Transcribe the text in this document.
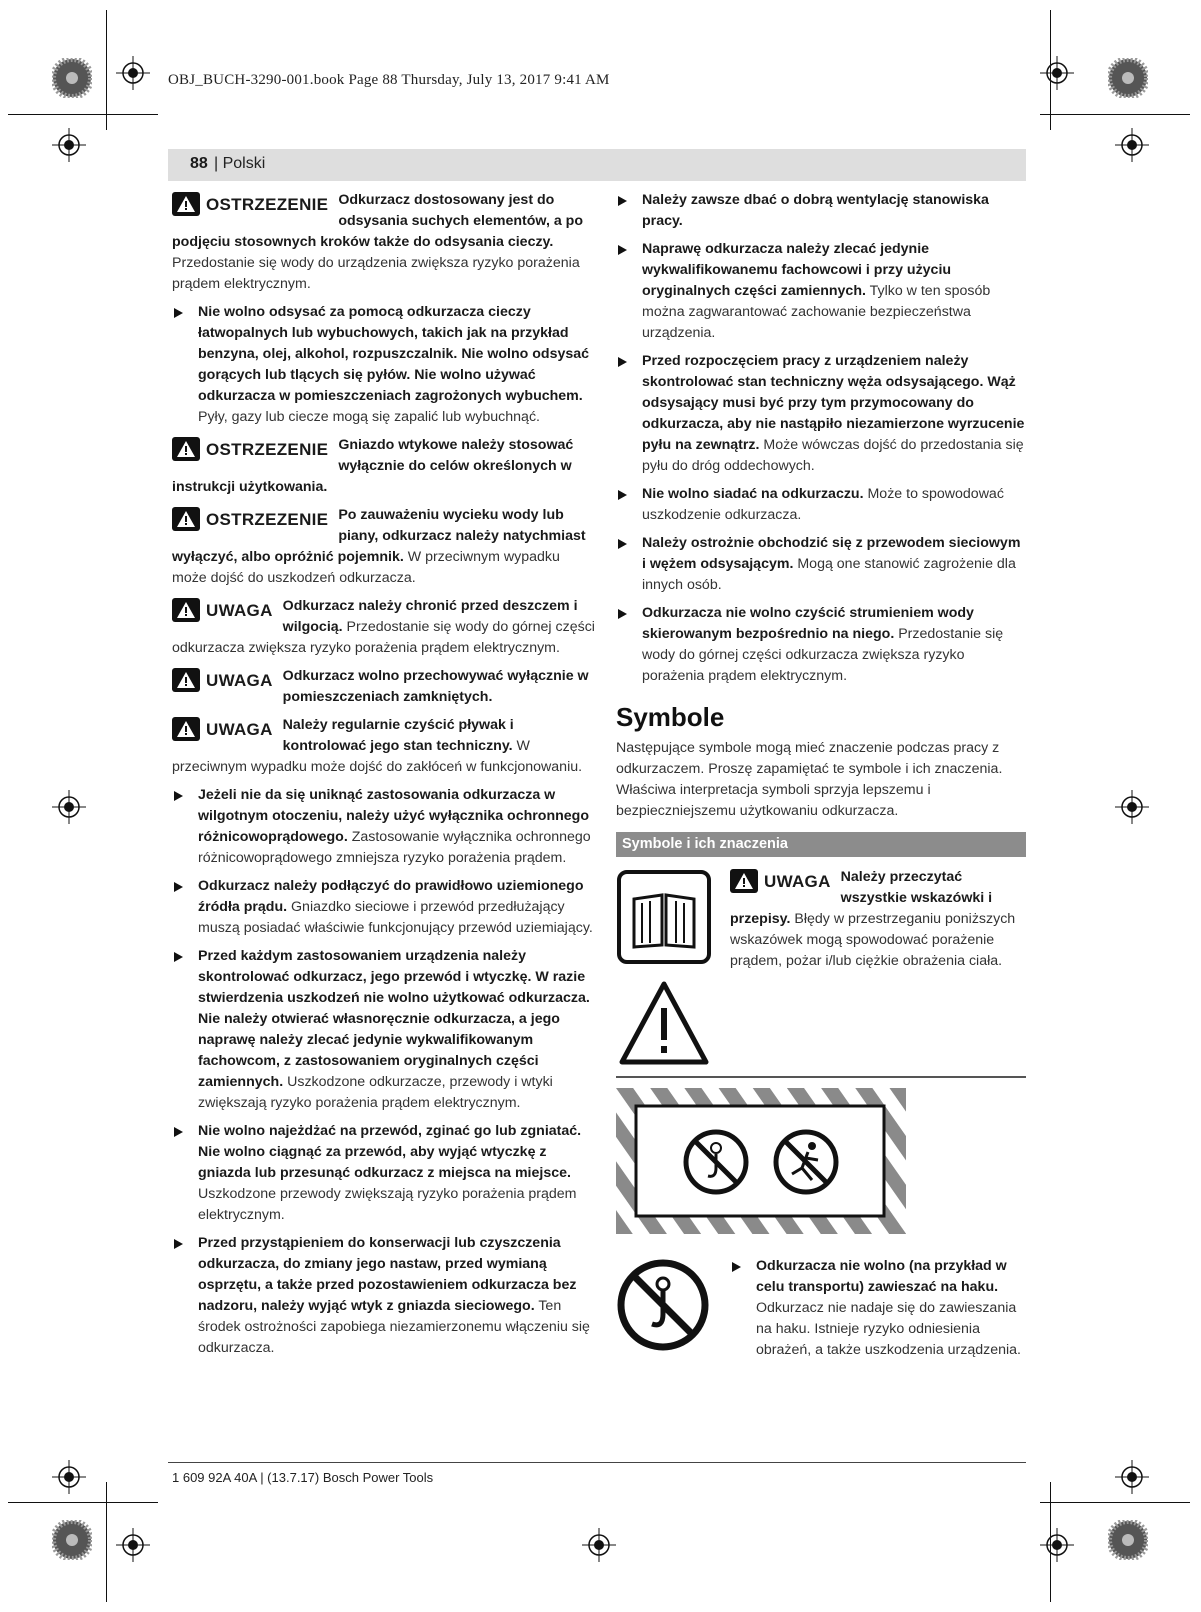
OBJ_BUCH-3290-001.book Page 88 Thursday, July 13, 2017 9:41 AM
88 | Polski
OSTRZEZENIE Odkurzacz dostosowany jest do odsysania suchych elementów, a po podjęciu stosownych kroków także do odsysania cieczy. Przedostanie się wody do urządzenia zwiększa ryzyko porażenia prądem elektrycznym.
Nie wolno odsysać za pomocą odkurzacza cieczy łatwopalnych lub wybuchowych, takich jak na przykład benzyna, olej, alkohol, rozpuszczalnik. Nie wolno odsysać gorących lub tlących się pyłów. Nie wolno używać odkurzacza w pomieszczeniach zagrożonych wybuchem. Pyły, gazy lub ciecze mogą się zapalić lub wybuchnąć.
OSTRZEZENIE Gniazdo wtykowe należy stosować wyłącznie do celów określonych w instrukcji użytkowania.
OSTRZEZENIE Po zauważeniu wycieku wody lub piany, odkurzacz należy natychmiast wyłączyć, albo opróżnić pojemnik. W przeciwnym wypadku może dojść do uszkodzeń odkurzacza.
UWAGA Odkurzacz należy chronić przed deszczem i wilgocią. Przedostanie się wody do górnej części odkurzacza zwiększa ryzyko porażenia prądem elektrycznym.
UWAGA Odkurzacz wolno przechowywać wyłącznie w pomieszczeniach zamkniętych.
UWAGA Należy regularnie czyścić pływak i kontrolować jego stan techniczny. W przeciwnym wypadku może dojść do zakłóceń w funkcjonowaniu.
Jeżeli nie da się uniknąć zastosowania odkurzacza w wilgotnym otoczeniu, należy użyć wyłącznika ochronnego różnicowoprądowego. Zastosowanie wyłącznika ochronnego różnicowoprądowego zmniejsza ryzyko porażenia prądem.
Odkurzacz należy podłączyć do prawidłowo uziemionego źródła prądu. Gniazdko sieciowe i przewód przedłużający muszą posiadać właściwie funkcjonujący przewód uziemiający.
Przed każdym zastosowaniem urządzenia należy skontrolować odkurzacz, jego przewód i wtyczkę. W razie stwierdzenia uszkodzeń nie wolno użytkować odkurzacza. Nie należy otwierać własnoręcznie odkurzacza, a jego naprawę należy zlecać jedynie wykwalifikowanym fachowcom, z zastosowaniem oryginalnych części zamiennych. Uszkodzone odkurzacze, przewody i wtyki zwiększają ryzyko porażenia prądem elektrycznym.
Nie wolno najeżdżać na przewód, zginać go lub zgniatać. Nie wolno ciągnąć za przewód, aby wyjąć wtyczkę z gniazda lub przesunąć odkurzacz z miejsca na miejsce. Uszkodzone przewody zwiększają ryzyko porażenia prądem elektrycznym.
Przed przystąpieniem do konserwacji lub czyszczenia odkurzacza, do zmiany jego nastaw, przed wymianą osprzętu, a także przed pozostawieniem odkurzacza bez nadzoru, należy wyjąć wtyk z gniazda sieciowego. Ten środek ostrożności zapobiega niezamierzonemu włączeniu się odkurzacza.
Należy zawsze dbać o dobrą wentylację stanowiska pracy.
Naprawę odkurzacza należy zlecać jedynie wykwalifikowanemu fachowcowi i przy użyciu oryginalnych części zamiennych. Tylko w ten sposób można zagwarantować zachowanie bezpieczeństwa urządzenia.
Przed rozpoczęciem pracy z urządzeniem należy skontrolować stan techniczny węża odsysającego. Wąż odsysający musi być przy tym przymocowany do odkurzacza, aby nie nastąpiło niezamierzone wyrzucenie pyłu na zewnątrz. Może wówczas dojść do przedostania się pyłu do dróg oddechowych.
Nie wolno siadać na odkurzaczu. Może to spowodować uszkodzenie odkurzacza.
Należy ostrożnie obchodzić się z przewodem sieciowym i wężem odsysającym. Mogą one stanowić zagrożenie dla innych osób.
Odkurzacza nie wolno czyścić strumieniem wody skierowanym bezpośrednio na niego. Przedostanie się wody do górnej części odkurzacza zwiększa ryzyko porażenia prądem elektrycznym.
Symbole
Następujące symbole mogą mieć znaczenie podczas pracy z odkurzaczem. Proszę zapamiętać te symbole i ich znaczenia. Właściwa interpretacja symboli sprzyja lepszemu i bezpieczniejszemu użytkowaniu odkurzacza.
Symbole i ich znaczenia

UWAGA Należy przeczytać wszystkie wskazówki i przepisy. Błędy w przestrzeganiu poniższych wskazówek mogą spowodować porażenie prądem, pożar i/lub ciężkie obrażenia ciała.
Odkurzacza nie wolno (na przykład w celu transportu) zawieszać na haku. Odkurzacz nie nadaje się do zawieszania na haku. Istnieje ryzyko odniesienia obrażeń, a także uszkodzenia urządzenia.
1 609 92A 40A | (13.7.17) Bosch Power Tools
